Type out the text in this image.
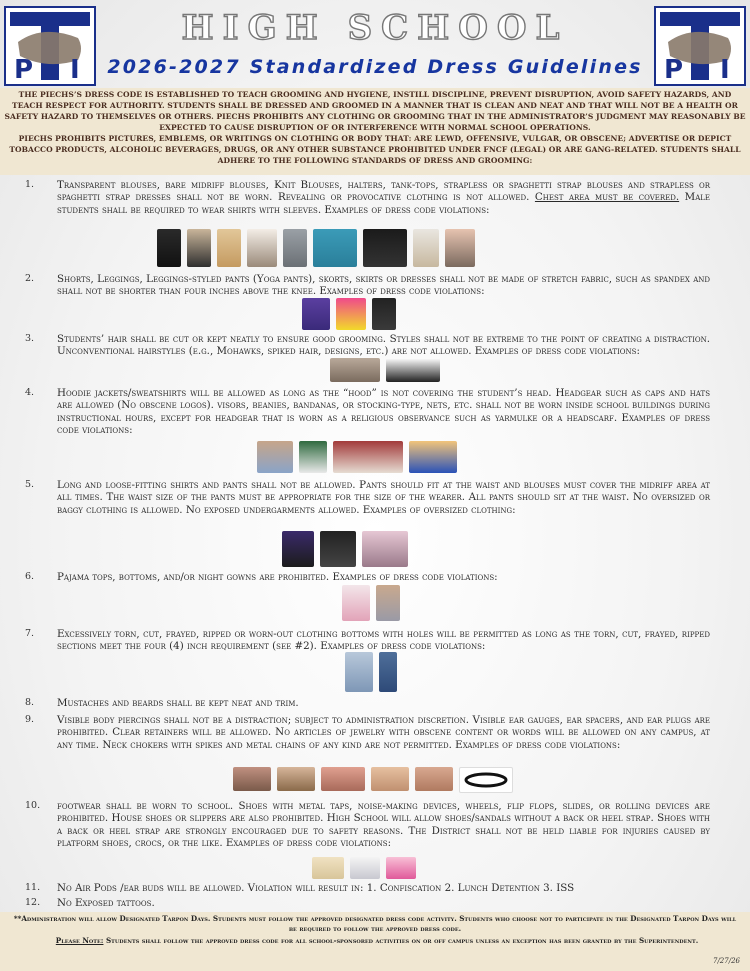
P I	P I
HIGH SCHOOL
2026-2027 Standardized Dress Guidelines

THE PIECHS’S DRESS CODE IS ESTABLISHED TO TEACH GROOMING AND HYGIENE, INSTILL DISCIPLINE, PREVENT DISRUPTION, AVOID SAFETY HAZARDS, AND TEACH RESPECT FOR AUTHORITY. STUDENTS SHALL BE DRESSED AND GROOMED IN A MANNER THAT IS CLEAN AND NEAT AND THAT WILL NOT BE A HEALTH OR SAFETY HAZARD TO THEMSELVES OR OTHERS. PIECHS PROHIBITS ANY CLOTHING OR GROOMING THAT IN THE ADMINISTRATOR’S JUDGMENT MAY REASONABLY BE EXPECTED TO CAUSE DISRUPTION OF OR INTERFERENCE WITH NORMAL SCHOOL OPERATIONS.

PIECHS PROHIBITS PICTURES, EMBLEMS, OR WRITINGS ON CLOTHING OR BODY THAT: ARE LEWD, OFFENSIVE, VULGAR, OR OBSCENE; ADVERTISE OR DEPICT TOBACCO PRODUCTS, ALCOHOLIC BEVERAGES, DRUGS, OR ANY OTHER SUBSTANCE PROHIBITED UNDER FNCF (LEGAL) OR ARE GANG-RELATED. STUDENTS SHALL ADHERE TO THE FOLLOWING STANDARDS OF DRESS AND GROOMING:

1. Transparent blouses, bare midriff blouses, Knit Blouses, halters, tank-tops, strapless or spaghetti strap blouses and strapless or spaghetti strap dresses shall not be worn. Revealing or provocative clothing is not allowed. Chest area must be covered. Male students shall be required to wear shirts with sleeves. Examples of dress code violations:
2. Shorts, Leggings, Leggings-styled pants (Yoga pants), skorts, skirts or dresses shall not be made of stretch fabric, such as spandex and shall not be shorter than four inches above the knee. Examples of dress code violations:
3. Students’ hair shall be cut or kept neatly to ensure good grooming. Styles shall not be extreme to the point of creating a distraction. Unconventional hairstyles (e.g., Mohawks, spiked hair, designs, etc.) are not allowed. Examples of dress code violations:
4. Hoodie jackets/sweatshirts will be allowed as long as the “hood” is not covering the student’s head. Headgear such as caps and hats are allowed (No obscene logos). visors, beanies, bandanas, or stocking-type, nets, etc. shall not be worn inside school buildings during instructional hours, except for headgear that is worn as a religious observance such as yarmulke or a headscarf. Examples of dress code violations:
5. Long and loose-fitting shirts and pants shall not be allowed. Pants should fit at the waist and blouses must cover the midriff area at all times. The waist size of the pants must be appropriate for the size of the wearer. All pants should sit at the waist. No oversized or baggy clothing is allowed. No exposed undergarments allowed. Examples of oversized clothing:
6. Pajama tops, bottoms, and/or night gowns are prohibited. Examples of dress code violations:
7. Excessively torn, cut, frayed, ripped or worn-out clothing bottoms with holes will be permitted as long as the torn, cut, frayed, ripped sections meet the four (4) inch requirement (see #2). Examples of dress code violations:
8. Mustaches and beards shall be kept neat and trim.
9. Visible body piercings shall not be a distraction; subject to administration discretion. Visible ear gauges, ear spacers, and ear plugs are prohibited. Clear retainers will be allowed. No articles of jewelry with obscene content or words will be allowed on any campus, at any time. Neck chokers with spikes and metal chains of any kind are not permitted. Examples of dress code violations:
10. footwear shall be worn to school. Shoes with metal taps, noise-making devices, wheels, flip flops, slides, or rolling devices are prohibited. House shoes or slippers are also prohibited. High School will allow shoes/sandals without a back or heel strap. Shoes with a back or heel strap are strongly encouraged due to safety reasons. The District shall not be held liable for injuries caused by platform shoes, crocs, or the like. Examples of dress code violations:
11. No Air Pods /ear buds will be allowed. Violation will result in: 1. Confiscation 2. Lunch Detention 3. ISS
12. No Exposed tattoos.
**Administration will allow Designated Tarpon Days. Students must follow the approved designated dress code activity. Students who choose not to participate in the Designated Tarpon Days will be required to follow the approved dress code.
Please Note: Students shall follow the approved dress code for all school-sponsored activities on or off campus unless an exception has been granted by the Superintendent.
7/27/26
